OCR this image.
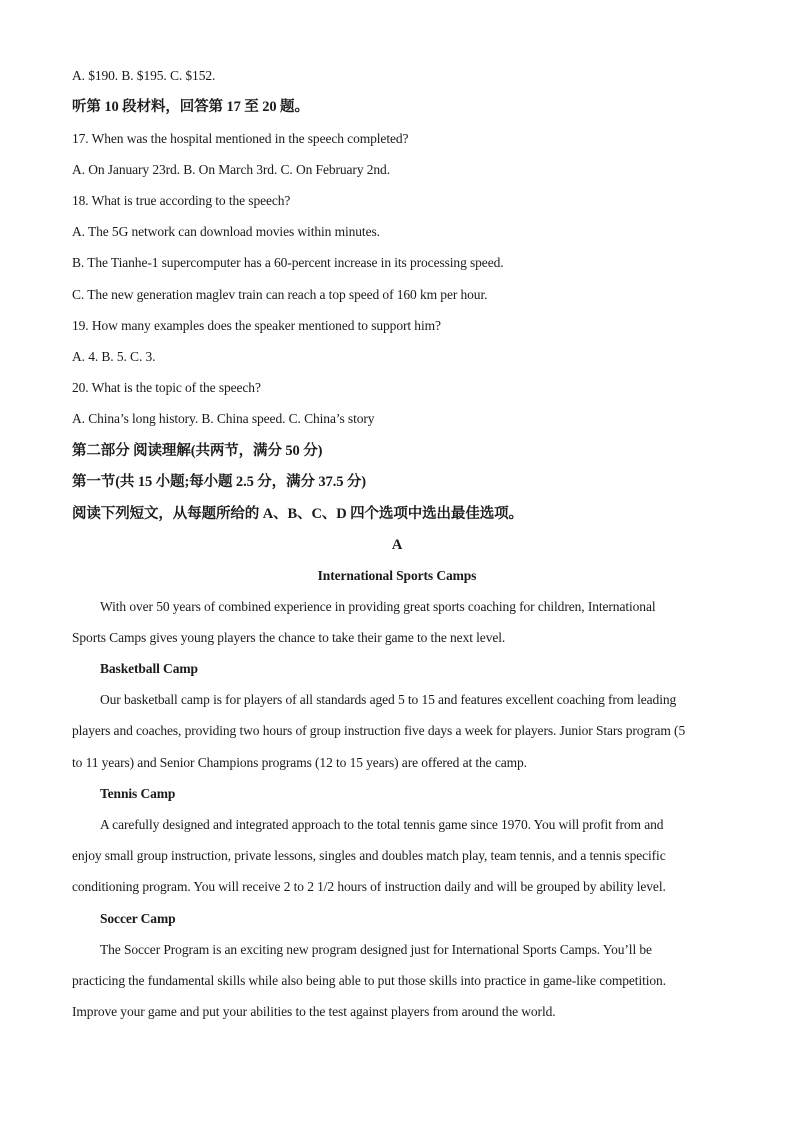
A. $190. B. $195. C. $152.
听第 10 段材料，回答第 17 至 20 题。
17. When was the hospital mentioned in the speech completed?
A. On January 23rd. B. On March 3rd. C. On February 2nd.
18. What is true according to the speech?
A. The 5G network can download movies within minutes.
B. The Tianhe-1 supercomputer has a 60-percent increase in its processing speed.
C. The new generation maglev train can reach a top speed of 160 km per hour.
19. How many examples does the speaker mentioned to support him?
A. 4. B. 5. C. 3.
20. What is the topic of the speech?
A. China’s long history. B. China speed. C. China’s story
第二部分 阅读理解(共两节，满分 50 分)
第一节(共 15 小题;每小题 2.5 分，满分 37.5 分)
阅读下列短文，从每题所给的 A、B、C、D 四个选项中选出最佳选项。
A
International Sports Camps
With over 50 years of combined experience in providing great sports coaching for children, International
Sports Camps gives young players the chance to take their game to the next level.
Basketball Camp
Our basketball camp is for players of all standards aged 5 to 15 and features excellent coaching from leading
players and coaches, providing two hours of group instruction five days a week for players. Junior Stars program (5
to 11 years) and Senior Champions programs (12 to 15 years) are offered at the camp.
Tennis Camp
A carefully designed and integrated approach to the total tennis game since 1970. You will profit from and
enjoy small group instruction, private lessons, singles and doubles match play, team tennis, and a tennis specific
conditioning program. You will receive 2 to 2 1/2 hours of instruction daily and will be grouped by ability level.
Soccer Camp
The Soccer Program is an exciting new program designed just for International Sports Camps. You’ll be
practicing the fundamental skills while also being able to put those skills into practice in game-like competition.
Improve your game and put your abilities to the test against players from around the world.
